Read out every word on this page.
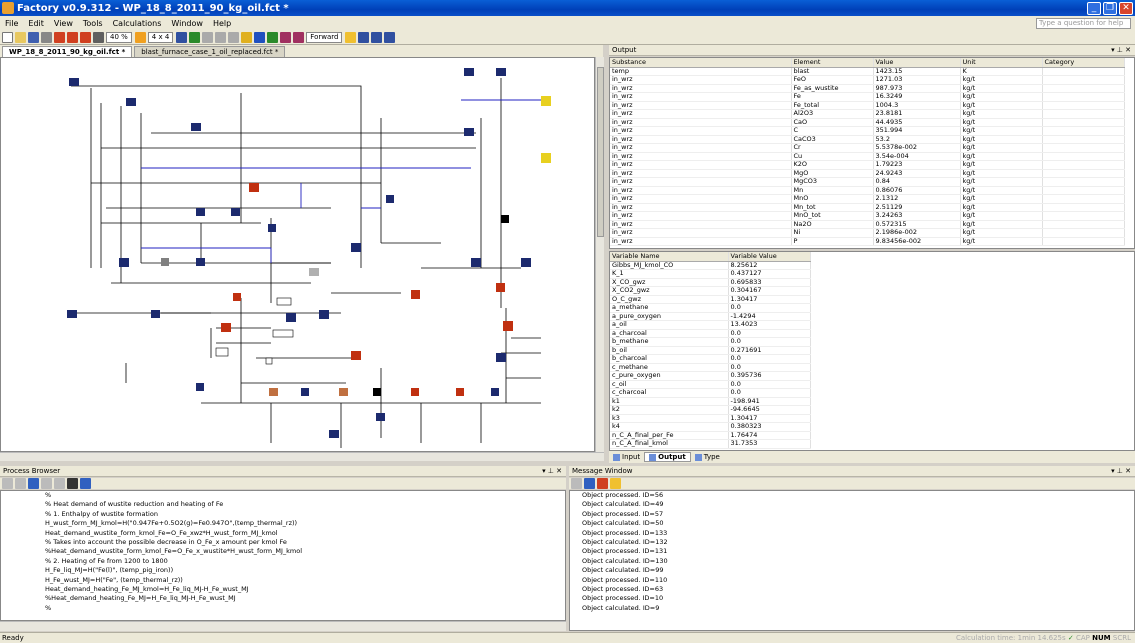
Factory v0.9.312 - WP_18_8_2011_90_kg_oil.fct *	_	❐ ✕
File	Edit	View	Tools	Calculations	Window	Help	Type a question for help
40 %	4 x 4	Forward
WP_18_8_2011_90_kg_oil.fct *	blast_furnace_case_1_oil_replaced.fct *	Output	▾ ⊥ ✕
Substance	Element	Value	Unit	Category
temp	blast	1423.15	K	
in_wrz	FeO	1271.03	kg/t	
in_wrz	Fe_as_wustite	987.973	kg/t	
in_wrz	Fe	16.3249	kg/t	
in_wrz	Fe_total	1004.3	kg/t	
in_wrz	Al2O3	23.8181	kg/t	
in_wrz	CaO	44.4935	kg/t	
in_wrz	C	351.994	kg/t	
in_wrz	CaCO3	53.2	kg/t	
in_wrz	Cr	5.5378e-002	kg/t	
in_wrz	Cu	3.54e-004	kg/t	
in_wrz	K2O	1.79223	kg/t	
in_wrz	MgO	24.9243	kg/t	
in_wrz	MgCO3	0.84	kg/t	
in_wrz	Mn	0.86076	kg/t	
in_wrz	MnO	2.1312	kg/t	
in_wrz	Mn_tot	2.51129	kg/t	
in_wrz	MnO_tot	3.24263	kg/t	
in_wrz	Na2O	0.572315	kg/t	
in_wrz	Ni	2.1986e-002	kg/t	
in_wrz	P	9.83456e-002	kg/t	
Variable Name	Variable Value
Gibbs_MJ_kmol_CO	8.25612
K_1	0.437127
X_CO_gwz	0.695833
X_CO2_gwz	0.304167
O_C_gwz	1.30417
a_methane	0.0
a_pure_oxygen	-1.4294
a_oil	13.4023
a_charcoal	0.0
b_methane	0.0
b_oil	0.271691
b_charcoal	0.0
c_methane	0.0
c_pure_oxygen	0.395736
c_oil	0.0
c_charcoal	0.0
k1	-198.941
k2	-94.6645
k3	1.30417
k4	0.380323
n_C_A_final_per_Fe	1.76474
n_C_A_final_kmol	31.7353
Input	Output	Type
Process Browser	▾ ⊥ ✕
%
% Heat demand of wustite reduction and heating of Fe
% 1. Enthalpy of wustite formation
H_wust_form_MJ_kmol=H("0.947Fe+0.5O2(g)=Fe0.947O",(temp_thermal_rz))
Heat_demand_wustite_form_kmol_Fe=O_Fe_xwz*H_wust_form_MJ_kmol
% Takes into account the possible decrease in O_Fe_x amount per kmol Fe
%Heat_demand_wustite_form_kmol_Fe=O_Fe_x_wustite*H_wust_form_MJ_kmol
% 2. Heating of Fe from 1200 to 1800
H_Fe_liq_MJ=H("Fe(l)", (temp_pig_iron))
H_Fe_wust_MJ=H("Fe", (temp_thermal_rz))
Heat_demand_heating_Fe_MJ_kmol=H_Fe_liq_MJ-H_Fe_wust_MJ
%Heat_demand_heating_Fe_MJ=H_Fe_liq_MJ-H_Fe_wust_MJ
%
Message Window	▾ ⊥ ✕
Object processed. ID=56
Object calculated. ID=49
Object processed. ID=57
Object calculated. ID=50
Object processed. ID=133
Object calculated. ID=132
Object processed. ID=131
Object calculated. ID=130
Object calculated. ID=99
Object processed. ID=110
Object processed. ID=63
Object processed. ID=10
Object calculated. ID=9
Ready	Calculation time: 1min 14.625s ✓ CAP NUM SCRL
